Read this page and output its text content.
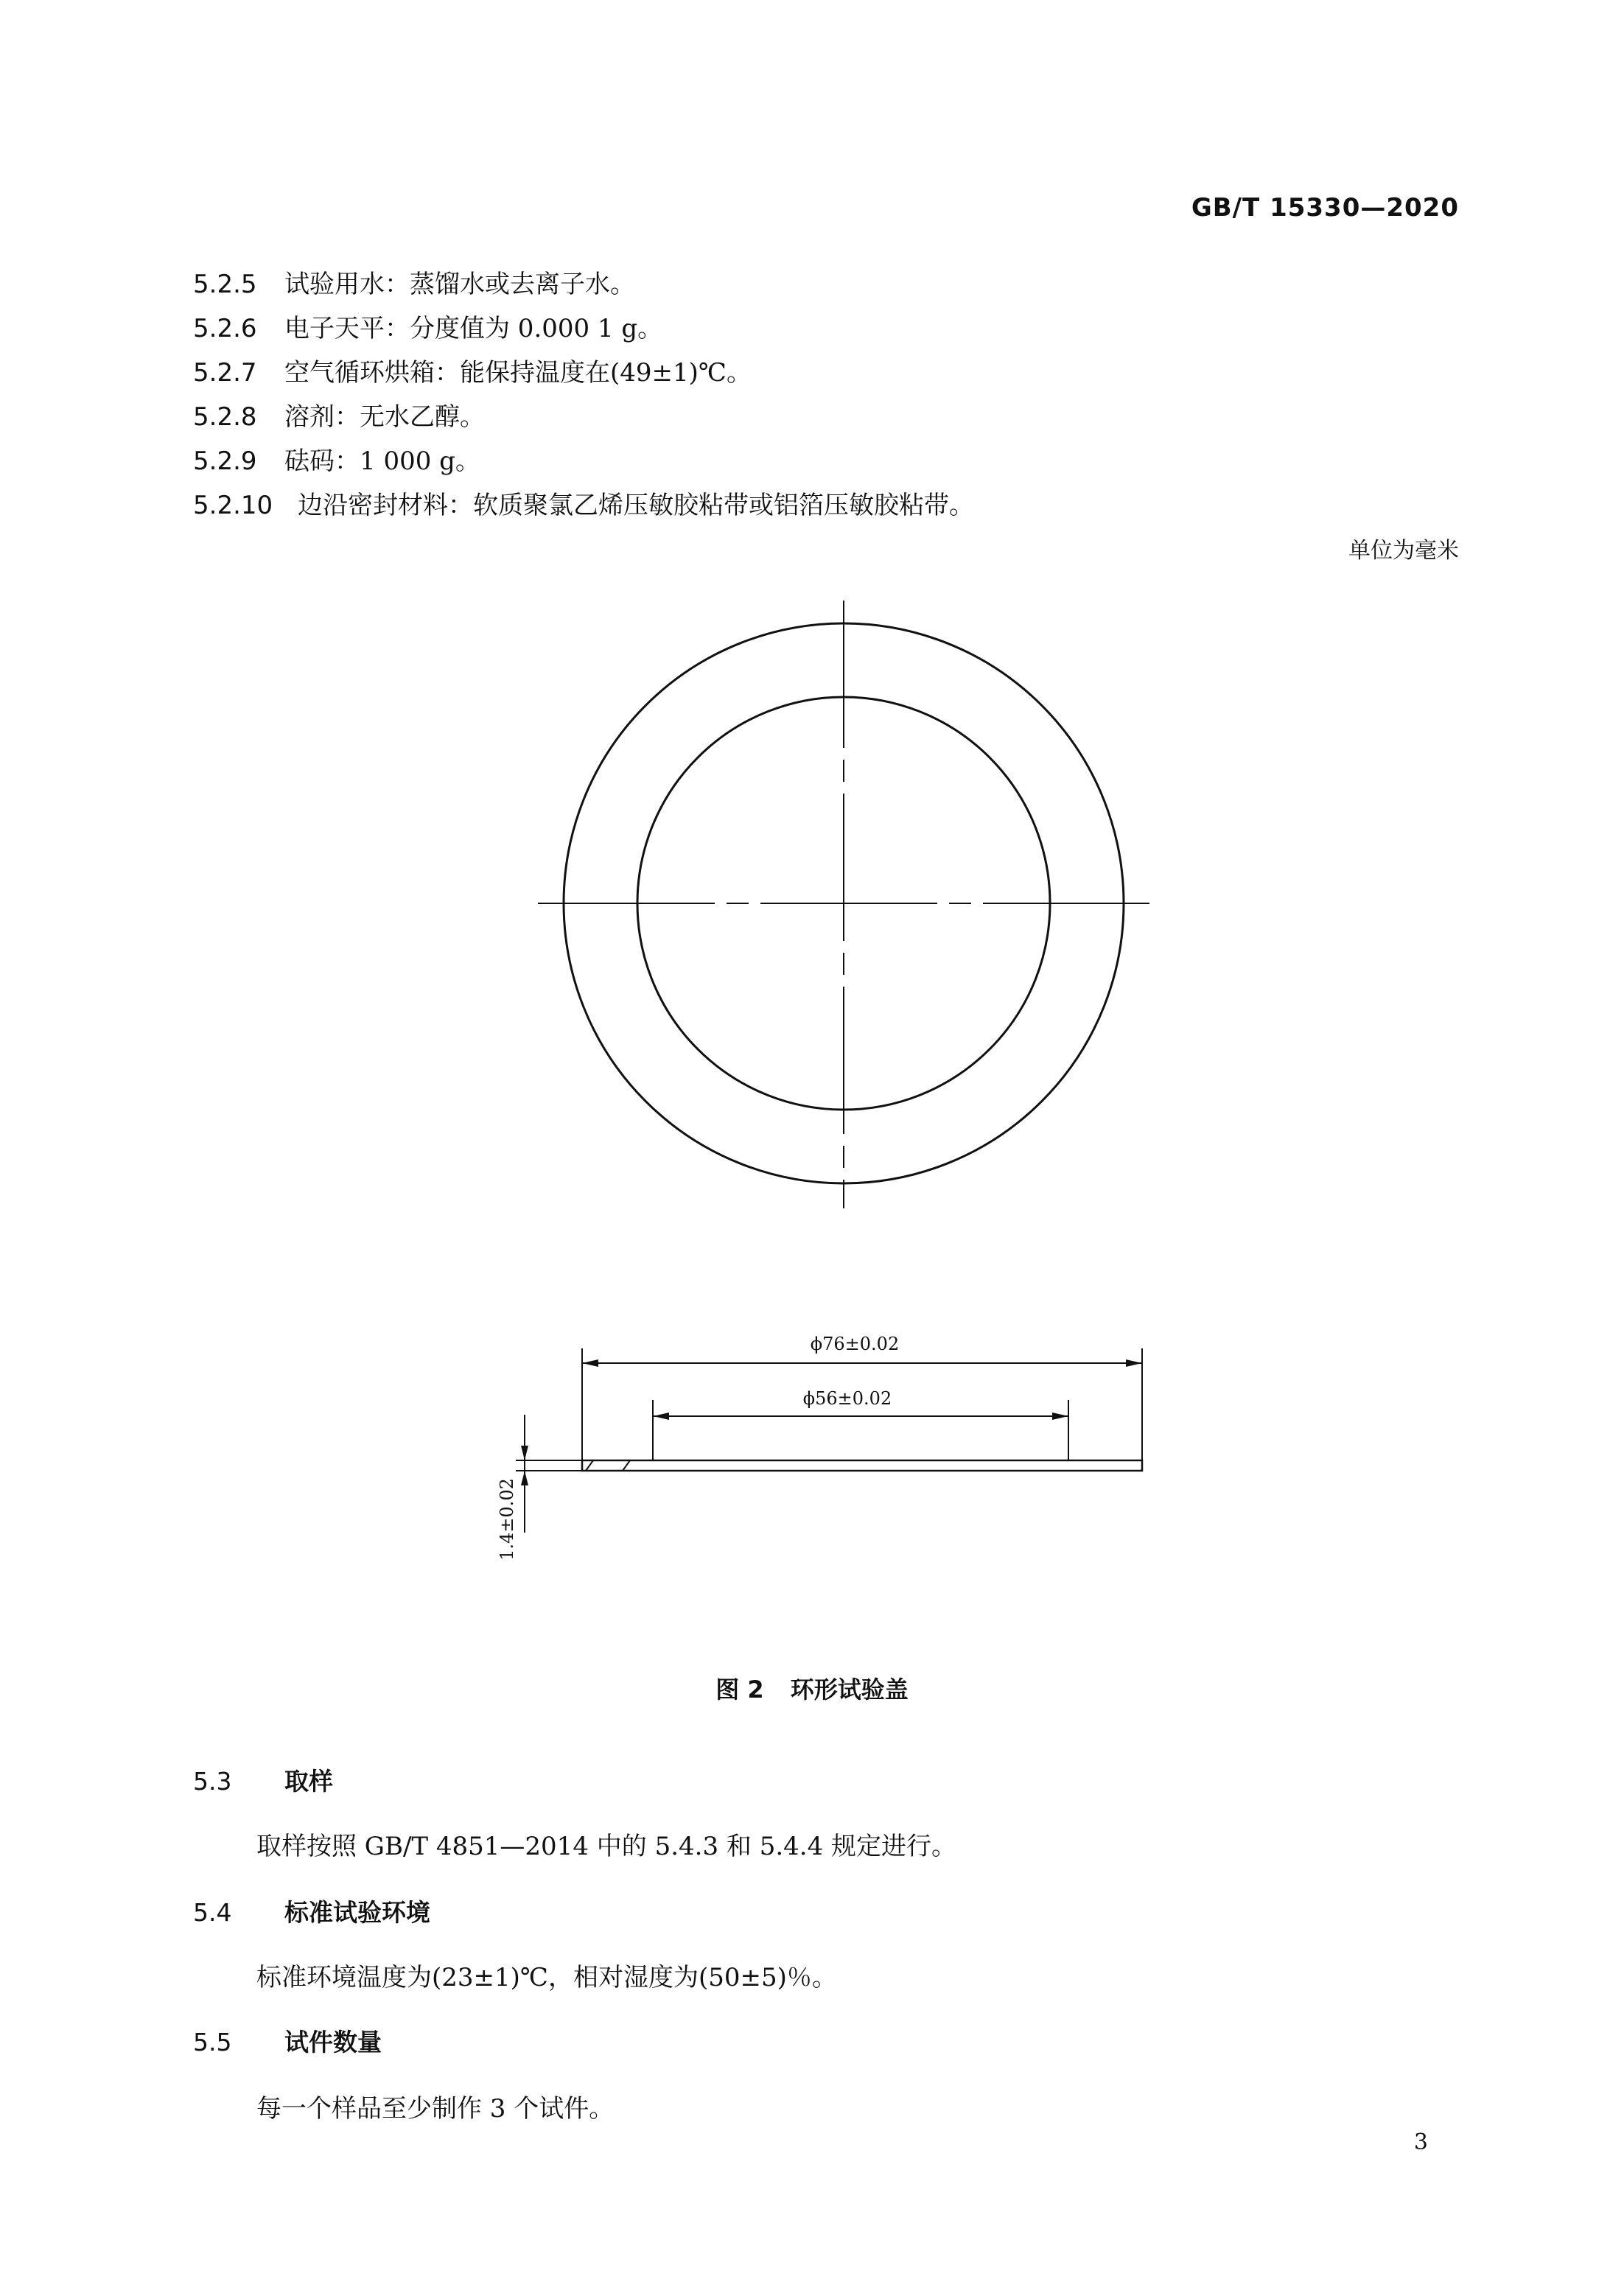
GB/T 15330—2020
5.2.5 试验用水：蒸馏水或去离子水。
5.2.6 电子天平：分度值为 0.000 1 g。
5.2.7 空气循环烘箱：能保持温度在(49±1)℃。
5.2.8 溶剂：无水乙醇。
5.2.9 砝码：1 000 g。
5.2.10 边沿密封材料：软质聚氯乙烯压敏胶粘带或铝箔压敏胶粘带。
单位为毫米
ϕ76±0.02
ϕ56±0.02
1.4±0.02
图 2 环形试验盖
5.3 取样
取样按照 GB/T 4851—2014 中的 5.4.3 和 5.4.4 规定进行。
5.4 标准试验环境
标准环境温度为(23±1)℃，相对湿度为(50±5)％。
5.5 试件数量
每一个样品至少制作 3 个试件。
3
